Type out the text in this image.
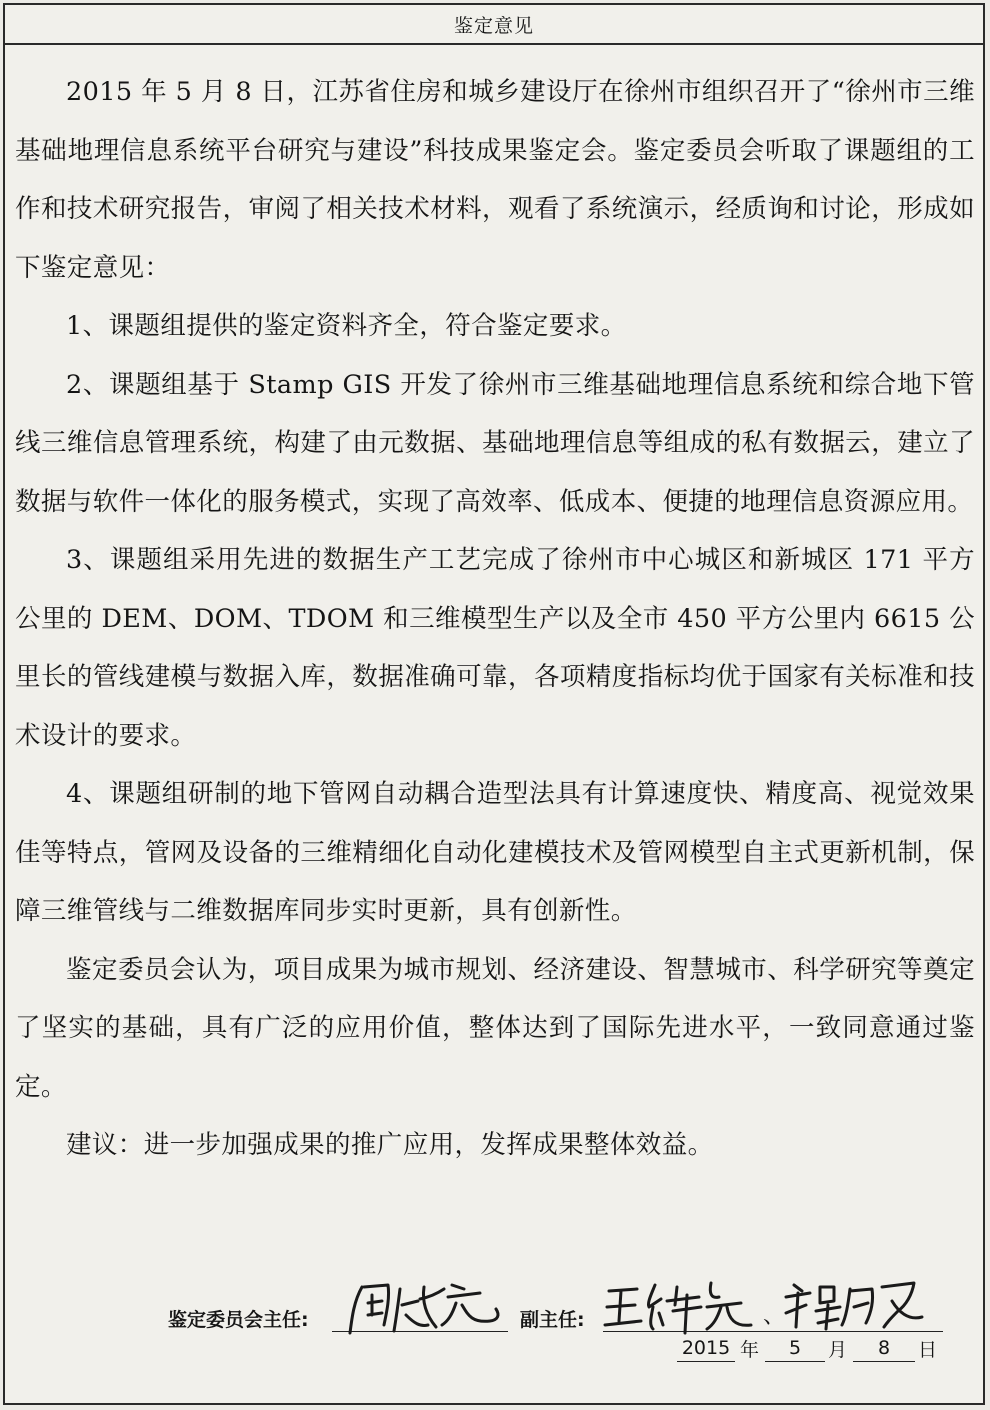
鉴定意见

2015 年 5 月 8 日，江苏省住房和城乡建设厅在徐州市组织召开了“徐州市三维基础地理信息系统平台研究与建设”科技成果鉴定会。鉴定委员会听取了课题组的工作和技术研究报告，审阅了相关技术材料，观看了系统演示，经质询和讨论，形成如下鉴定意见：

1、课题组提供的鉴定资料齐全，符合鉴定要求。

2、课题组基于 Stamp GIS 开发了徐州市三维基础地理信息系统和综合地下管线三维信息管理系统，构建了由元数据、基础地理信息等组成的私有数据云，建立了数据与软件一体化的服务模式，实现了高效率、低成本、便捷的地理信息资源应用。

3、课题组采用先进的数据生产工艺完成了徐州市中心城区和新城区 171 平方公里的 DEM、DOM、TDOM 和三维模型生产以及全市 450 平方公里内 6615 公里长的管线建模与数据入库，数据准确可靠，各项精度指标均优于国家有关标准和技术设计的要求。

4、课题组研制的地下管网自动耦合造型法具有计算速度快、精度高、视觉效果佳等特点，管网及设备的三维精细化自动化建模技术及管网模型自主式更新机制，保障三维管线与二维数据库同步实时更新，具有创新性。

鉴定委员会认为，项目成果为城市规划、经济建设、智慧城市、科学研究等奠定了坚实的基础，具有广泛的应用价值，整体达到了国际先进水平，一致同意通过鉴定。

建议：进一步加强成果的推广应用，发挥成果整体效益。

鉴定委员会主任:	副主任:	、
2015 年	5	月	8	日
